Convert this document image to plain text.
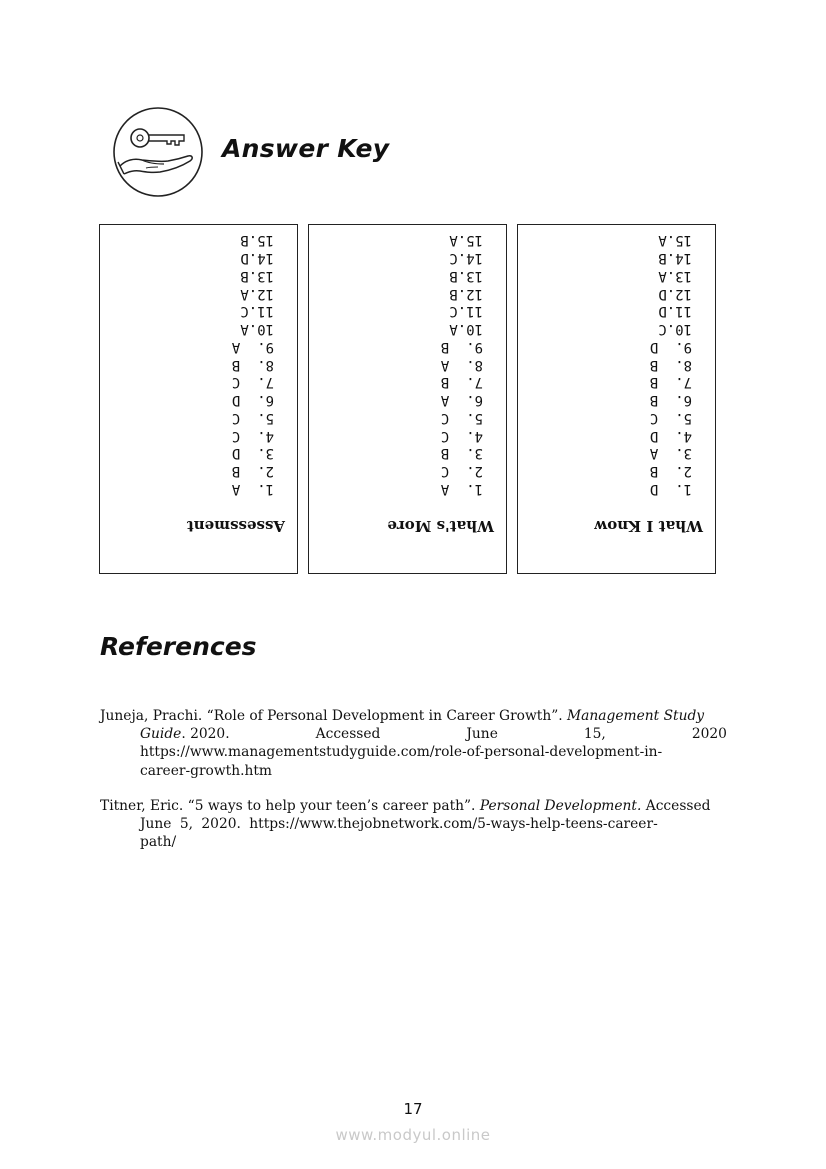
Answer Key
Assessment
1.  A
2.  B
3.  D
4.  C
5.  C
6.  D
7.  C
8.  B
9.  A
10.A
11.C
12.A
13.B
14.D
15.B
What's More
1.  A
2.  C
3.  B
4.  C
5.  C
6.  A
7.  B
8.  A
9.  B
10.A
11.C
12.B
13.B
14.C
15.A
What I Know
1.  D
2.  B
3.  A
4.  D
5.  C
6.  B
7.  B
8.  B
9.  D
10.C
11.D
12.D
13.A
14.B
15.A
References
Juneja, Prachi. “Role of Personal Development in Career Growth”. Management Study
Guide. 2020.	Accessed	June	15,	2020
https://www.managementstudyguide.com/role-of-personal-development-in-
career-growth.htm
Titner, Eric. “5 ways to help your teen’s career path”. Personal Development. Accessed
June 5, 2020. https://www.thejobnetwork.com/5-ways-help-teens-career-
path/
17
www.modyul.online
